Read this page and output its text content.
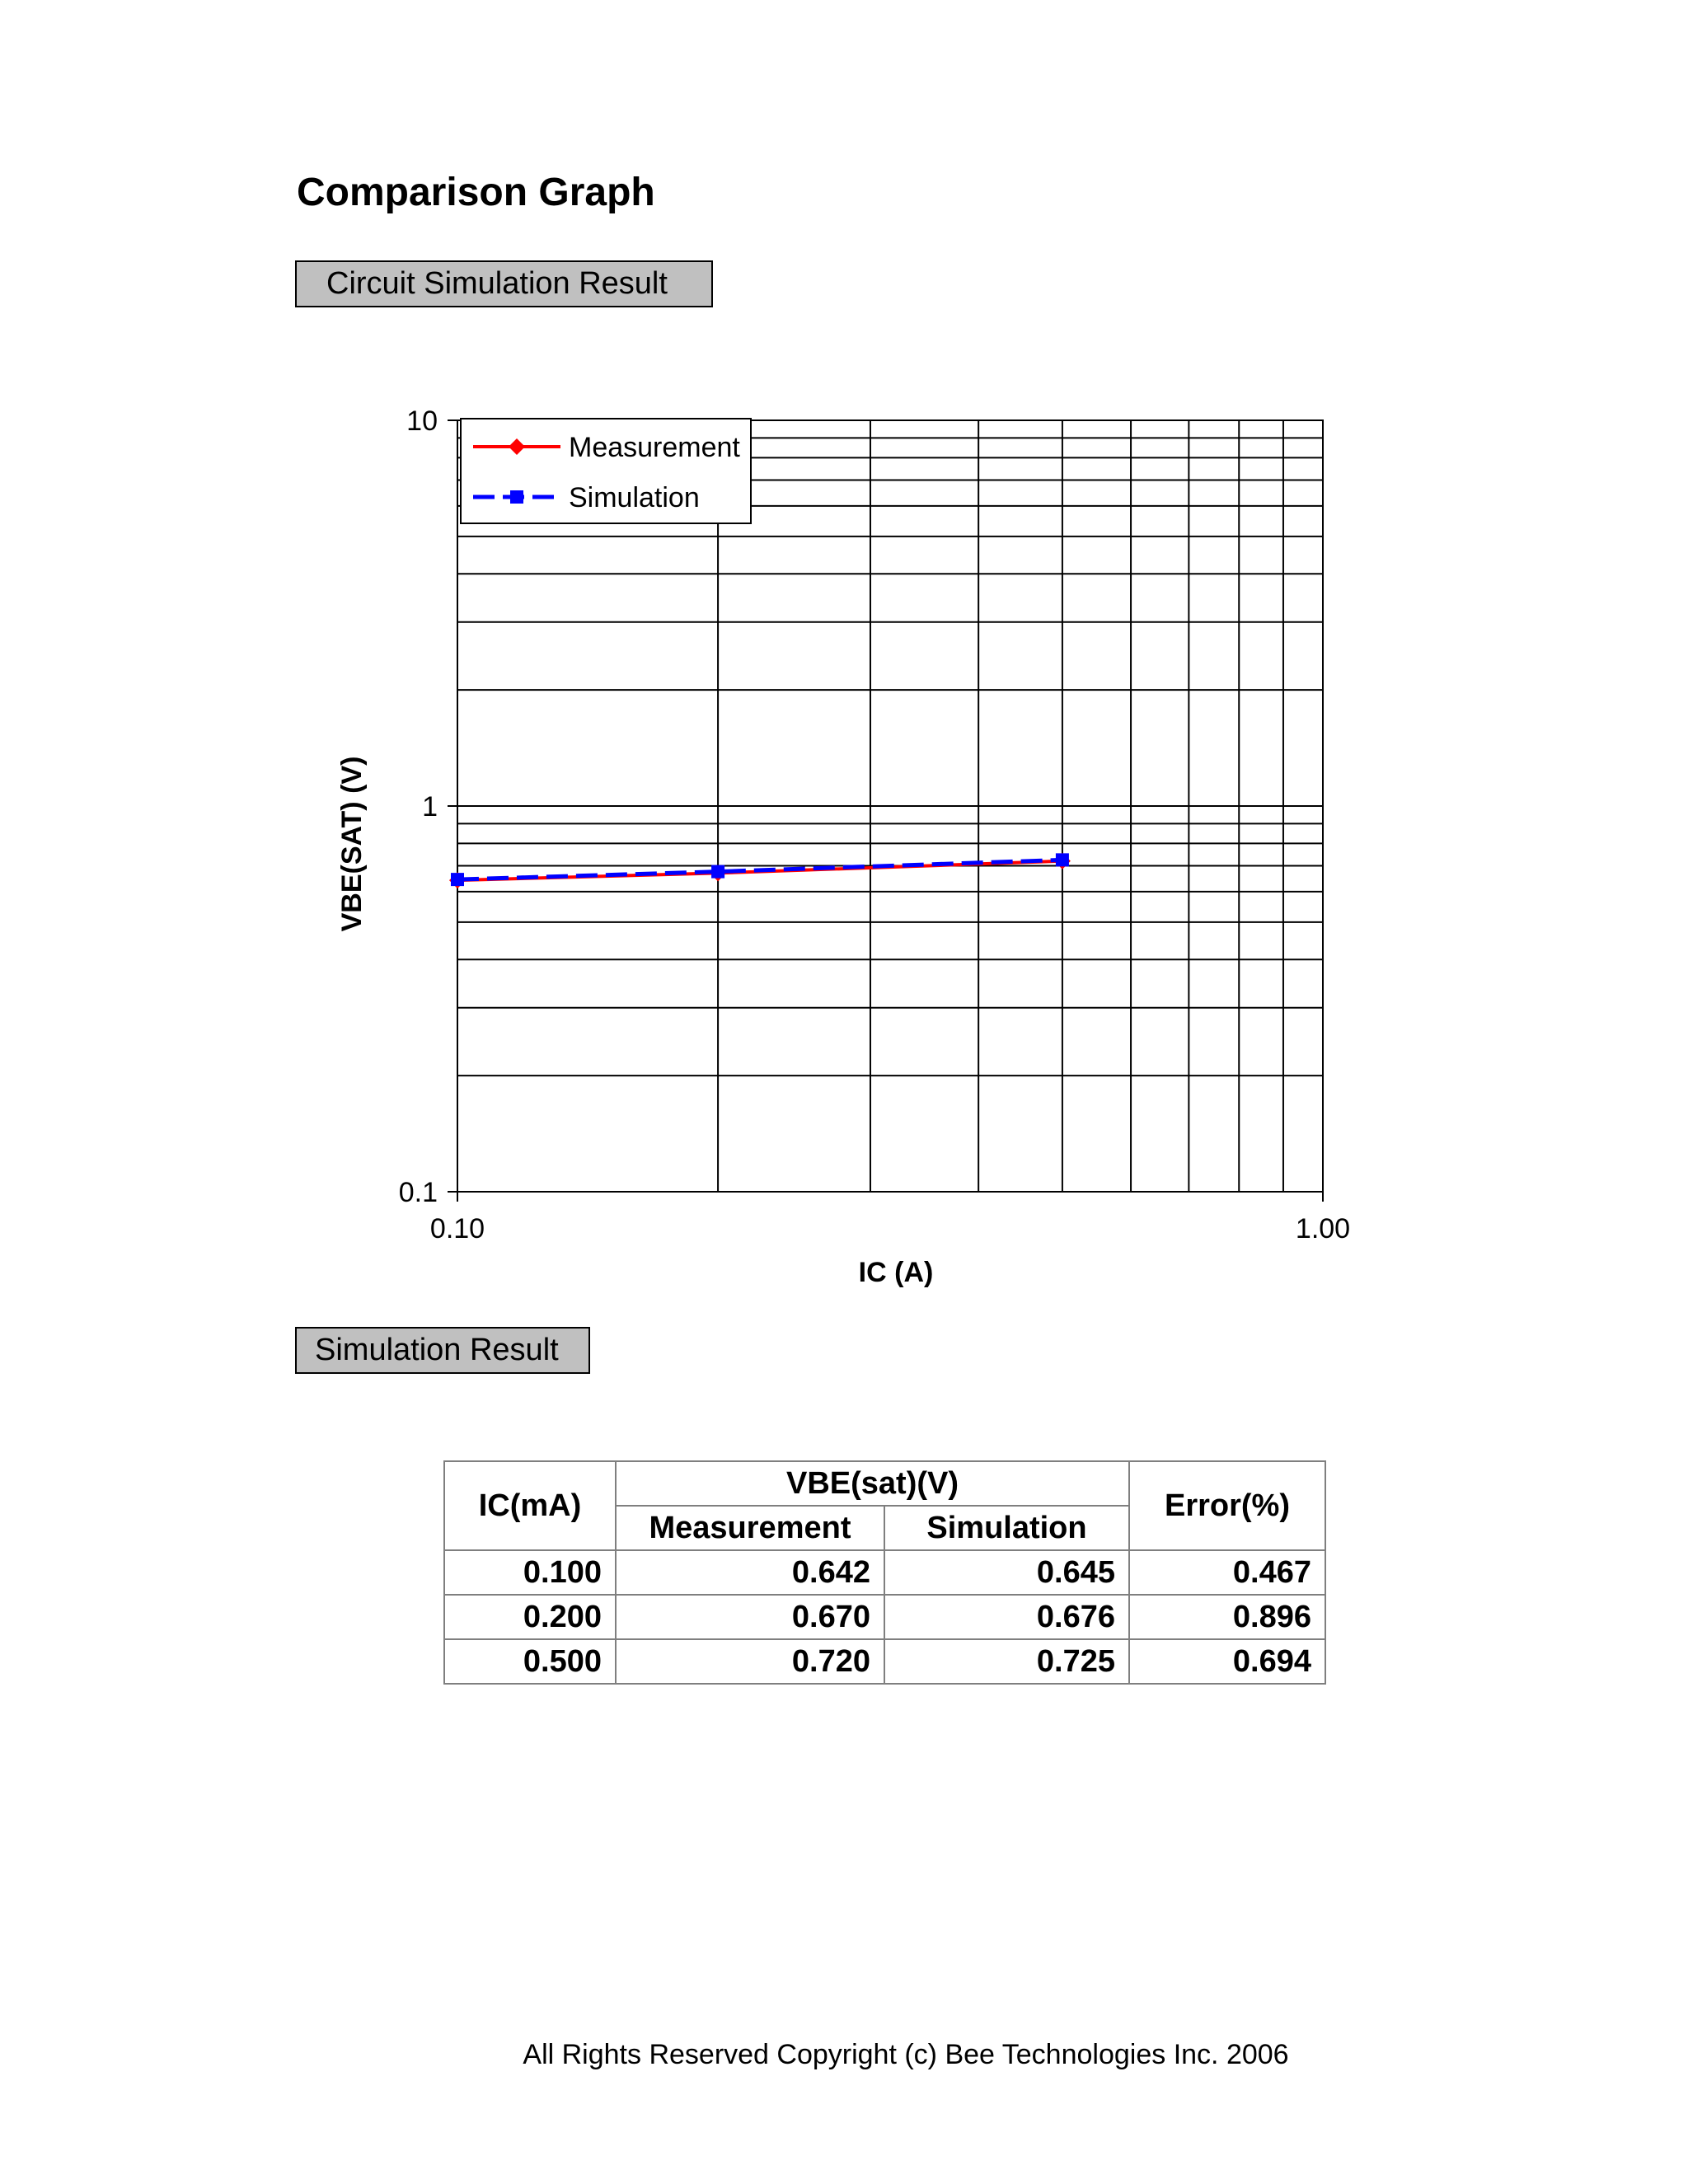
Comparison Graph
Circuit Simulation Result
0.1
1
10
0.10	1.00
Measurement
Simulation
IC (A)
VBE(SAT) (V)
Simulation Result
IC(mA)	VBE(sat)(V)		Error(%)
	Measurement	Simulation	
0.100	0.642	0.645	0.467
0.200	0.670	0.676	0.896
0.500	0.720	0.725	0.694
All Rights Reserved Copyright (c) Bee Technologies Inc. 2006
